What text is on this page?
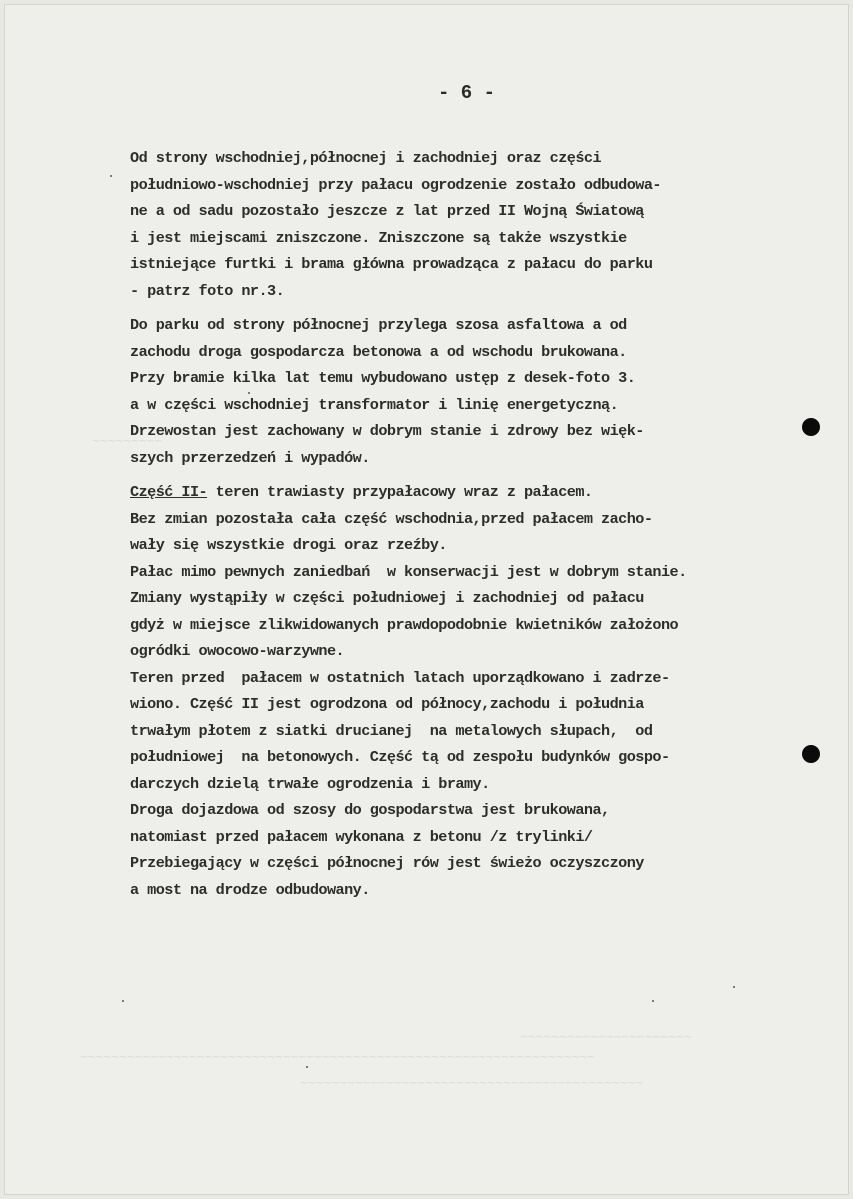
~~~~~~~~~
~~~~~~~~~~~~~~~~~~~~~~
~~~~~~~~~~~~~~~~~~~~~~~~~~~~~~~~~~~~~~~~~~~~~~~~~~~~~~~~~~~~~~~~~~
~~~~~~~~~~~~~~~~~~~~~~~~~~~~~~~~~~~~~~~~~~~~
- 6 -
Od strony wschodniej,północnej i zachodniej oraz części
południowo-wschodniej przy pałacu ogrodzenie zostało odbudowa-
ne a od sadu pozostało jeszcze z lat przed II Wojną Światową
i jest miejscami zniszczone. Zniszczone są także wszystkie
istniejące furtki i brama główna prowadząca z pałacu do parku
- patrz foto nr.3.
Do parku od strony północnej przylega szosa asfaltowa a od
zachodu droga gospodarcza betonowa a od wschodu brukowana.
Przy bramie kilka lat temu wybudowano ustęp z desek-foto 3.
a w części wschodniej transformator i linię energetyczną.
Drzewostan jest zachowany w dobrym stanie i zdrowy bez więk-
szych przerzedzeń i wypadów.
Część II- teren trawiasty przypałacowy wraz z pałacem.
Bez zmian pozostała cała część wschodnia,przed pałacem zacho-
wały się wszystkie drogi oraz rzeźby.
Pałac mimo pewnych zaniedbań  w konserwacji jest w dobrym stanie.
Zmiany wystąpiły w części południowej i zachodniej od pałacu
gdyż w miejsce zlikwidowanych prawdopodobnie kwietników założono
ogródki owocowo-warzywne.
Teren przed  pałacem w ostatnich latach uporządkowano i zadrze-
wiono. Część II jest ogrodzona od północy,zachodu i południa
trwałym płotem z siatki drucianej  na metalowych słupach,  od
południowej  na betonowych. Część tą od zespołu budynków gospo-
darczych dzielą trwałe ogrodzenia i bramy.
Droga dojazdowa od szosy do gospodarstwa jest brukowana,
natomiast przed pałacem wykonana z betonu /z trylinki/
Przebiegający w części północnej rów jest świeżo oczyszczony
a most na drodze odbudowany.
